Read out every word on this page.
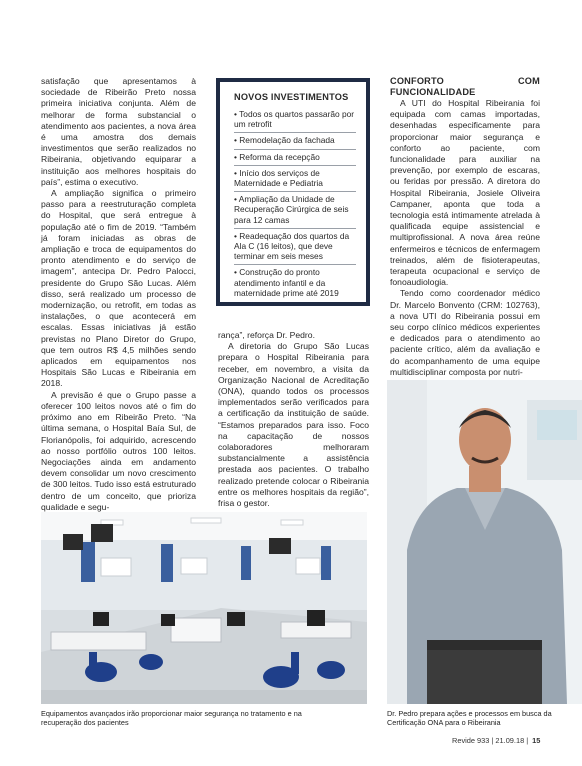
satisfação que apresentamos à sociedade de Ribeirão Preto nossa primeira iniciativa conjunta. Além de melhorar de forma substancial o atendimento aos pacientes, a nova área é uma amostra dos demais investimentos que serão realizados no Ribeirania, objetivando equiparar a instituição aos melhores hospitais do país”, estima o executivo.

A ampliação significa o primeiro passo para a reestruturação completa do Hospital, que será entregue à população até o fim de 2019. “Também já foram iniciadas as obras de ampliação e troca de equipamentos do pronto atendimento e do serviço de imagem”, antecipa Dr. Pedro Palocci, presidente do Grupo São Lucas. Além disso, será realizado um processo de modernização, ou retrofit, em todas as instalações, o que acontecerá em escalas. Essas iniciativas já estão previstas no Plano Diretor do Grupo, que tem outros R$ 4,5 milhões sendo aplicados em equipamentos nos Hospitais São Lucas e Ribeirania em 2018.

A previsão é que o Grupo passe a oferecer 100 leitos novos até o fim do próximo ano em Ribeirão Preto. “Na última semana, o Hospital Baía Sul, de Florianópolis, foi adquirido, acrescendo ao nosso portfólio outros 100 leitos. Negociações ainda em andamento devem consolidar um novo crescimento de 300 leitos. Tudo isso está estruturado dentro de um conceito, que prioriza qualidade e segu-

NOVOS INVESTIMENTOS
• Todos os quartos passarão por um retrofit
• Remodelação da fachada
• Reforma da recepção
• Início dos serviços de Maternidade e Pediatria
• Ampliação da Unidade de Recuperação Cirúrgica de seis para 12 camas
• Readequação dos quartos da Ala C (16 leitos), que deve terminar em seis meses
• Construção do pronto atendimento infantil e da maternidade prime até 2019

rança”, reforça Dr. Pedro.

A diretoria do Grupo São Lucas prepara o Hospital Ribeirania para receber, em novembro, a visita da Organização Nacional de Acreditação (ONA), quando todos os processos implementados serão verificados para a certificação da instituição de saúde. “Estamos preparados para isso. Foco na capacitação de nossos colaboradores melhoraram substancialmente a assistência prestada aos pacientes. O trabalho realizado pretende colocar o Ribeirania entre os melhores hospitais da região”, frisa o gestor.

CONFORTO COM FUNCIONALIDADE

A UTI do Hospital Ribeirania foi equipada com camas importadas, desenhadas especificamente para proporcionar maior segurança e conforto ao paciente, com funcionalidade para auxiliar na prevenção, por exemplo de escaras, ou feridas por pressão. A diretora do Hospital Ribeirania, Josiele Oliveira Campaner, aponta que toda a tecnologia está intimamente atrelada à qualificada equipe assistencial e multiprofissional. A nova área reúne enfermeiros e técnicos de enfermagem treinados, além de fisioterapeutas, terapeuta ocupacional e serviço de fonoaudiologia.

Tendo como coordenador médico Dr. Marcelo Bonvento (CRM: 102763), a nova UTI do Ribeirania possui em seu corpo clínico médicos experientes e dedicados para o atendimento ao paciente crítico, além da avaliação e do acompanhamento de uma equipe multidisciplinar composta por nutri-

Equipamentos avançados irão proporcionar maior segurança no tratamento e na recuperação dos pacientes
Dr. Pedro prepara ações e processos em busca da Certificação ONA para o Ribeirania
Revide 933 | 21.09.18 | 15
